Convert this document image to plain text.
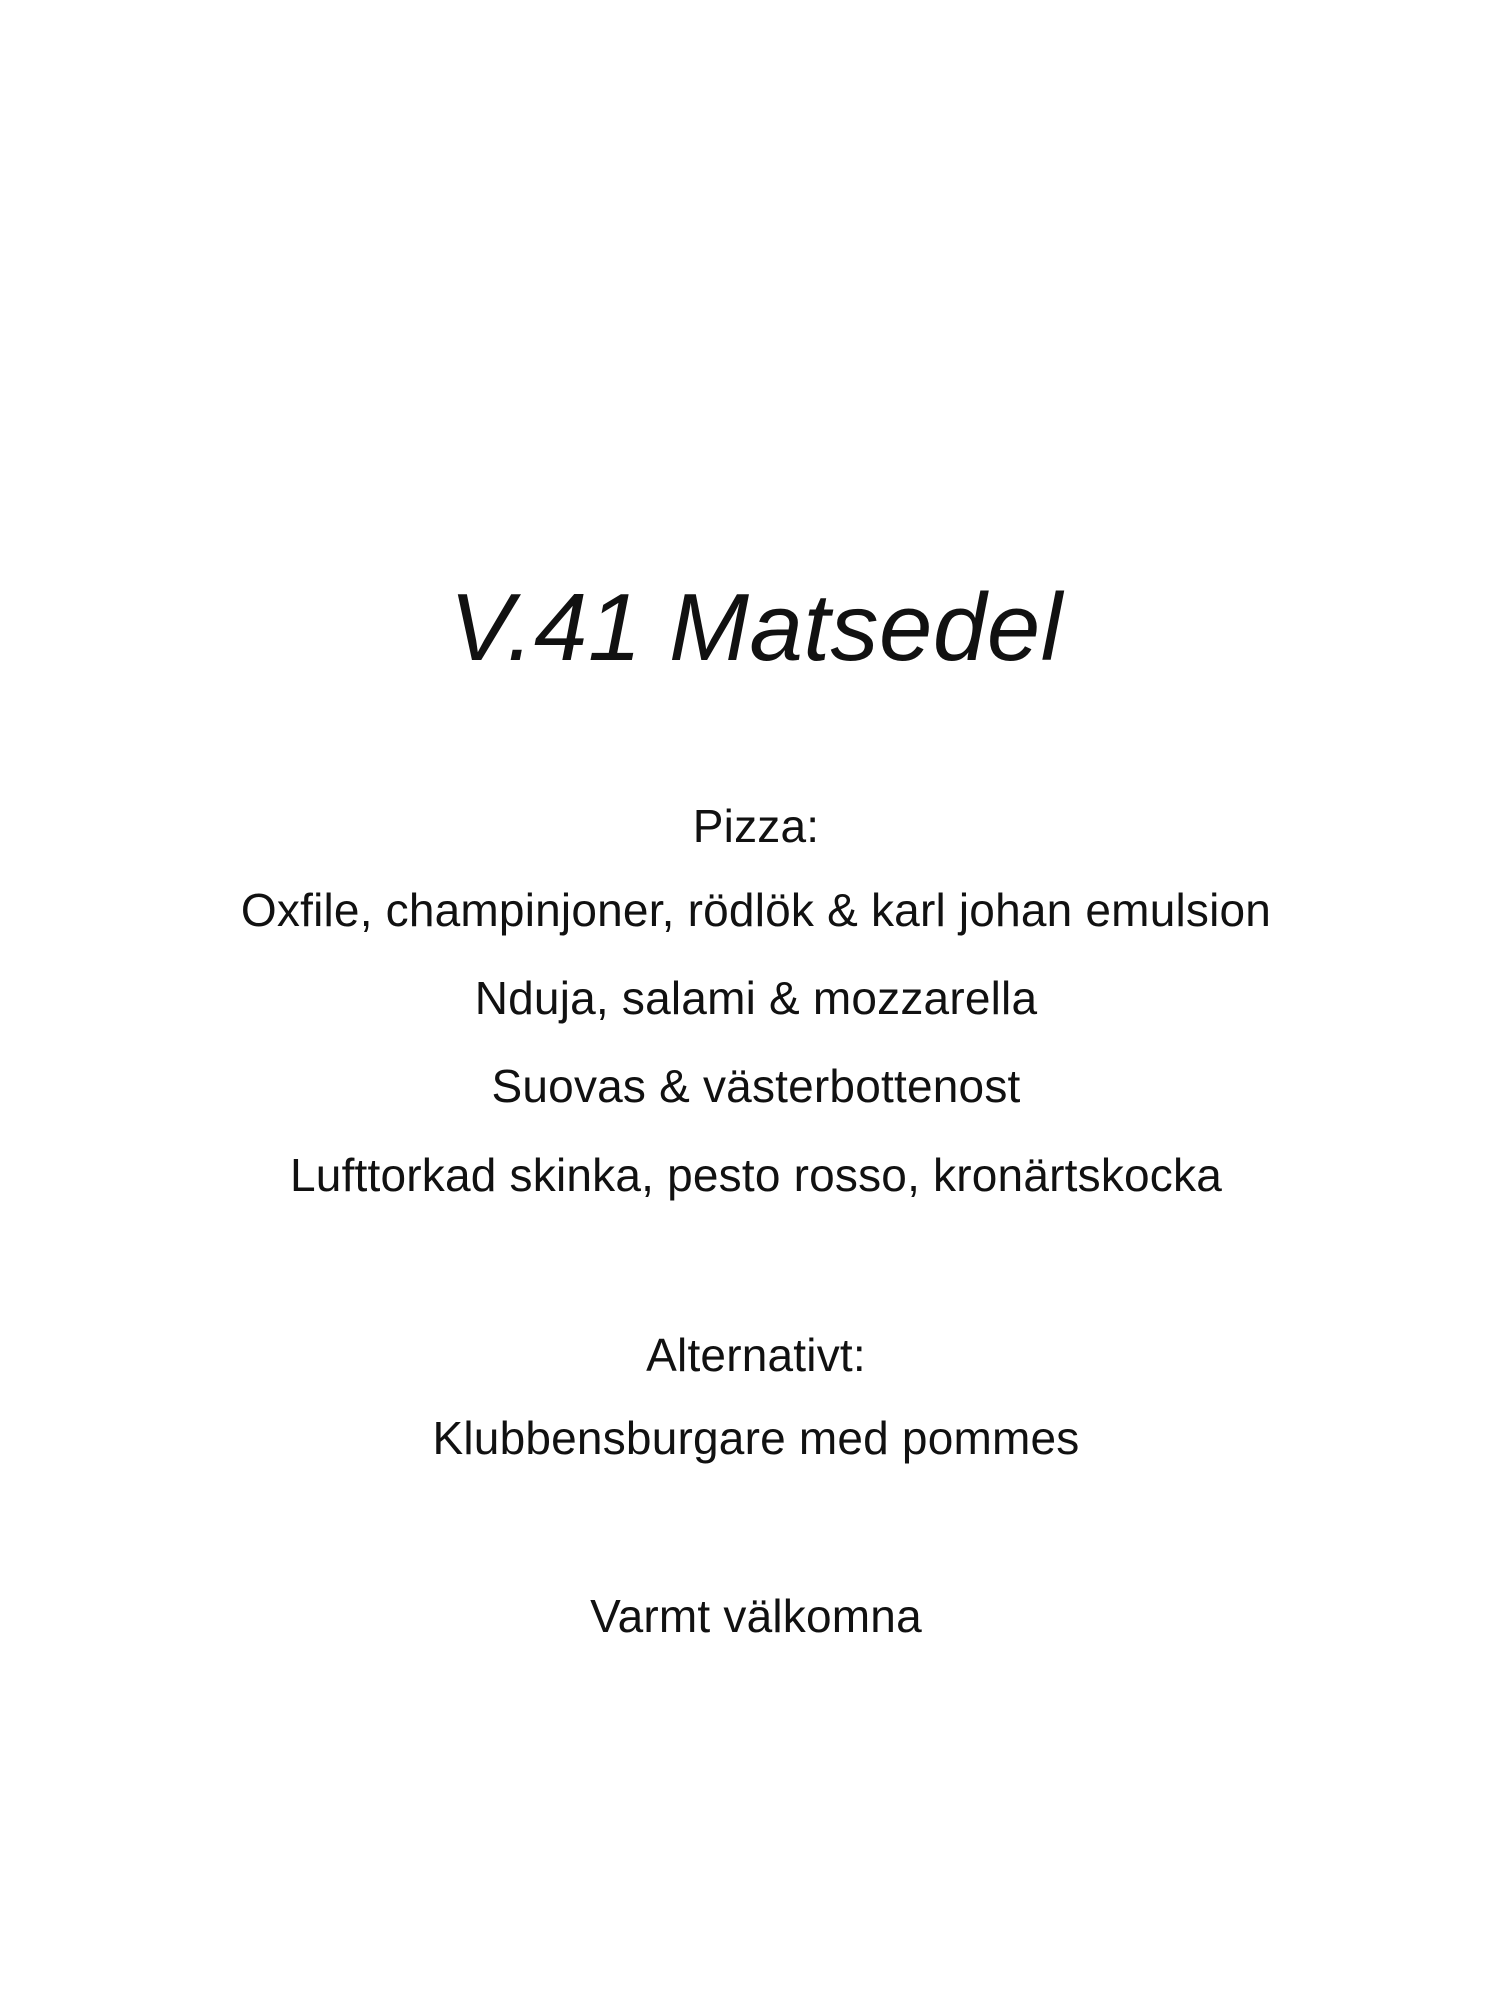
V.41 Matsedel
Pizza:
Oxfile, champinjoner, rödlök & karl johan emulsion
Nduja, salami & mozzarella
Suovas & västerbottenost
Lufttorkad skinka, pesto rosso, kronärtskocka
Alternativt:
Klubbensburgare med pommes
Varmt välkomna
